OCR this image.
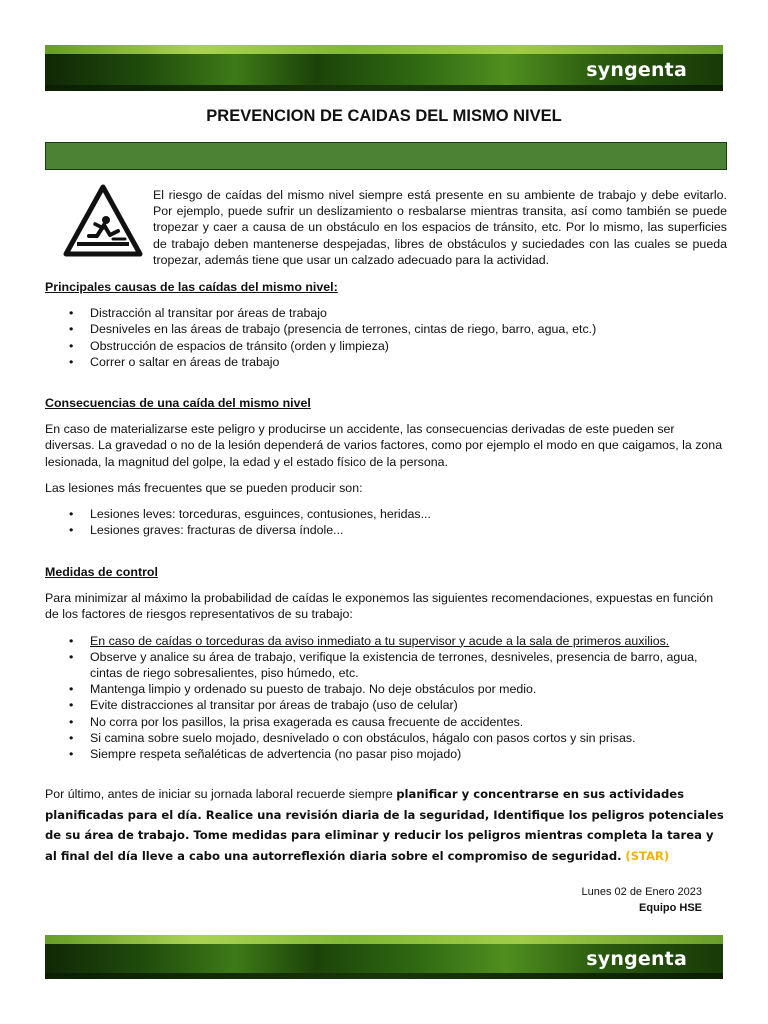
syngenta
PREVENCION DE CAIDAS DEL MISMO NIVEL

El riesgo de caídas del mismo nivel siempre está presente en su ambiente de trabajo y debe evitarlo. Por ejemplo, puede sufrir un deslizamiento o resbalarse mientras transita, así como también se puede tropezar y caer a causa de un obstáculo en los espacios de tránsito, etc. Por lo mismo, las superficies de trabajo deben mantenerse despejadas, libres de obstáculos y suciedades con las cuales se pueda tropezar, además tiene que usar un calzado adecuado para la actividad.

Principales causas de las caídas del mismo nivel:

• Distracción al transitar por áreas de trabajo
• Desniveles en las áreas de trabajo (presencia de terrones, cintas de riego, barro, agua, etc.)
• Obstrucción de espacios de tránsito (orden y limpieza)
• Correr o saltar en áreas de trabajo

Consecuencias de una caída del mismo nivel

En caso de materializarse este peligro y producirse un accidente, las consecuencias derivadas de este pueden ser diversas. La gravedad o no de la lesión dependerá de varios factores, como por ejemplo el modo en que caigamos, la zona lesionada, la magnitud del golpe, la edad y el estado físico de la persona.

Las lesiones más frecuentes que se pueden producir son:

• Lesiones leves: torceduras, esguinces, contusiones, heridas...
• Lesiones graves: fracturas de diversa índole...

Medidas de control

Para minimizar al máximo la probabilidad de caídas le exponemos las siguientes recomendaciones, expuestas en función de los factores de riesgos representativos de su trabajo:

• En caso de caídas o torceduras da aviso inmediato a tu supervisor y acude a la sala de primeros auxilios.
• Observe y analice su área de trabajo, verifique la existencia de terrones, desniveles, presencia de barro, agua, cintas de riego sobresalientes, piso húmedo, etc.
• Mantenga limpio y ordenado su puesto de trabajo. No deje obstáculos por medio.
• Evite distracciones al transitar por áreas de trabajo (uso de celular)
• No corra por los pasillos, la prisa exagerada es causa frecuente de accidentes.
• Si camina sobre suelo mojado, desnivelado o con obstáculos, hágalo con pasos cortos y sin prisas.
• Siempre respeta señaléticas de advertencia (no pasar piso mojado)

Por último, antes de iniciar su jornada laboral recuerde siempre planificar y concentrarse en sus actividades planificadas para el día. Realice una revisión diaria de la seguridad, Identifique los peligros potenciales de su área de trabajo. Tome medidas para eliminar y reducir los peligros mientras completa la tarea y al final del día lleve a cabo una autorreflexión diaria sobre el compromiso de seguridad. (STAR)

Lunes 02 de Enero 2023

Equipo HSE

syngenta
